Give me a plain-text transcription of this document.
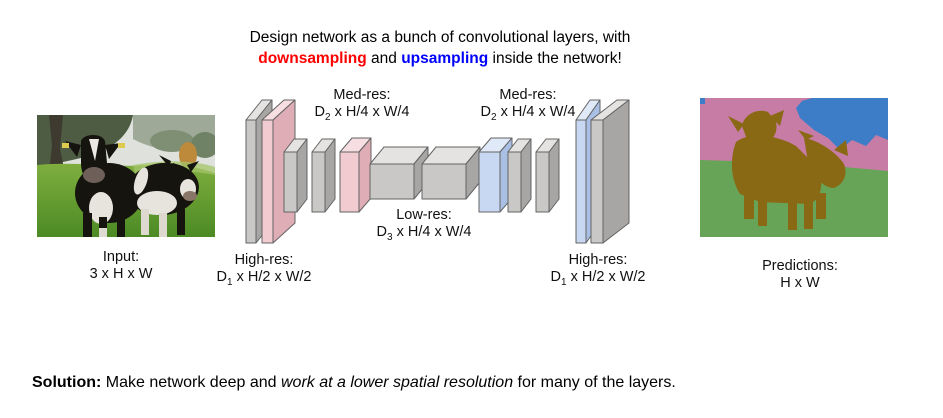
Design network as a bunch of convolutional layers, with
downsampling and upsampling inside the network!
Input:
3 x H x W
High-res:
$D_1$ x H/2 x W/2
Med-res:
$D_2$ x H/4 x W/4
Low-res:
$D_3$ x H/4 x W/4
Med-res:
$D_2$ x H/4 x W/4
High-res:
$D_1$ x H/2 x W/2
Predictions:
H x W
Solution: Make network deep and work at a lower spatial resolution for many of the layers.
